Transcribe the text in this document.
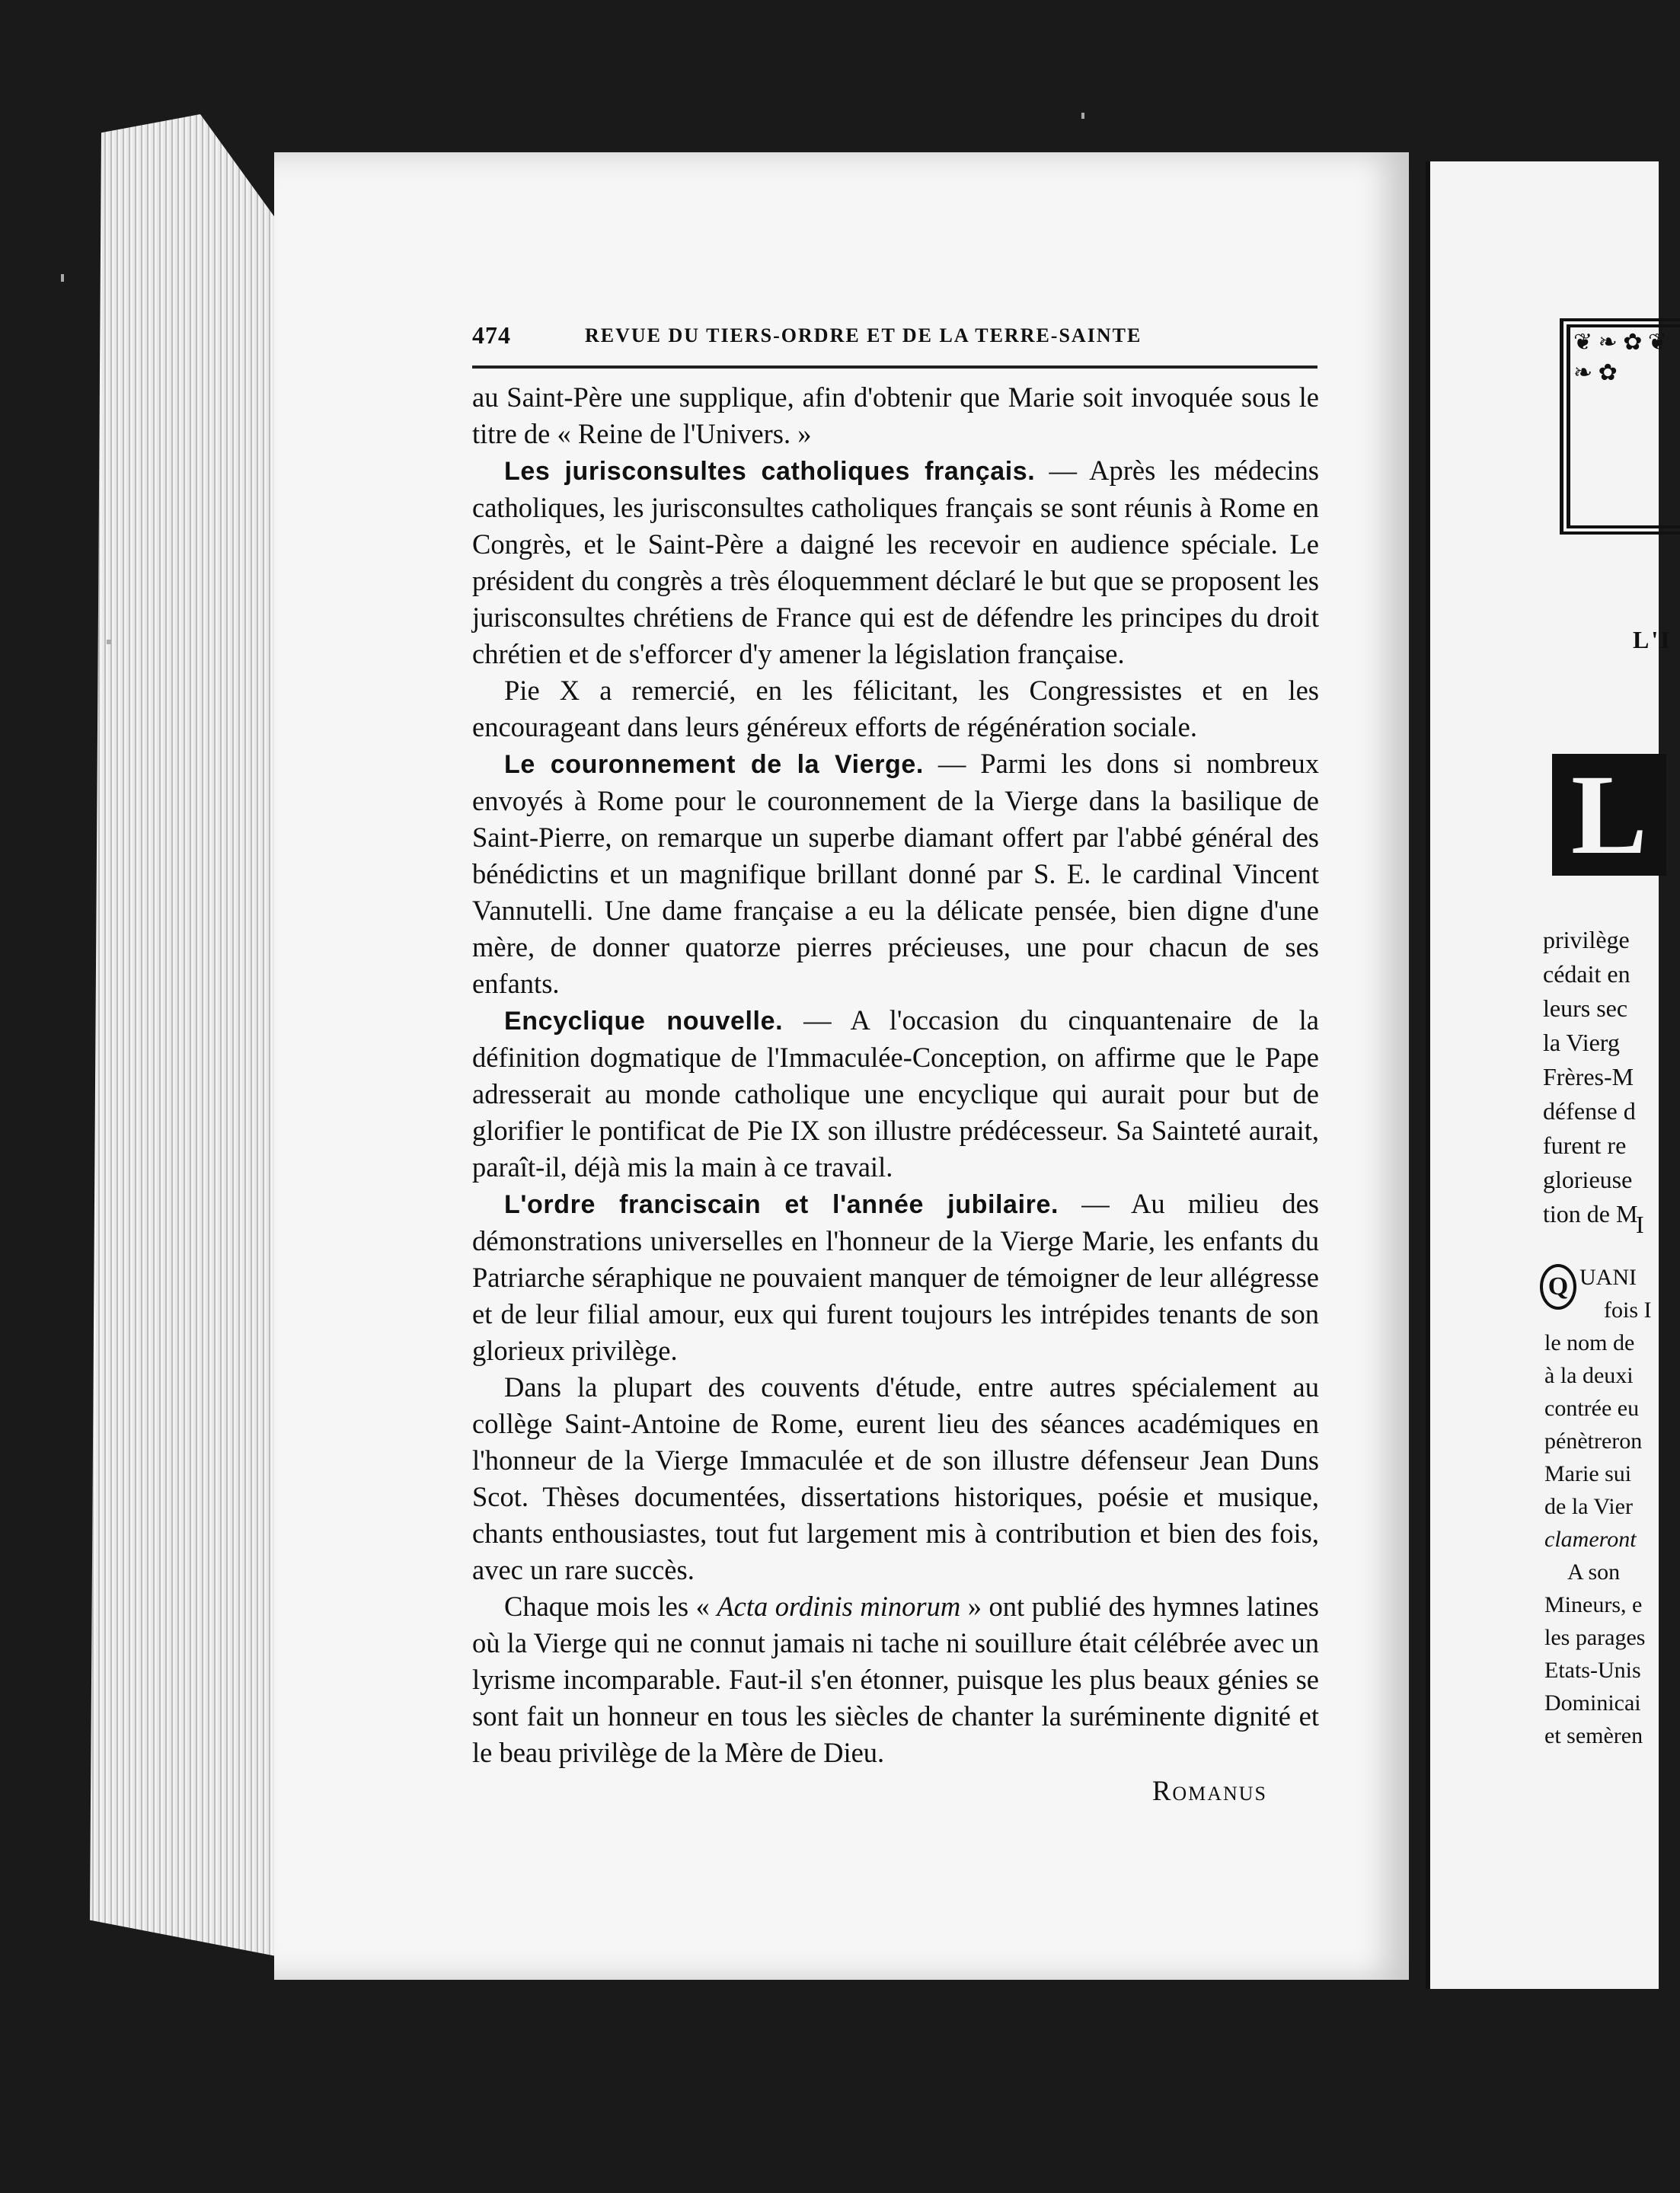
474	REVUE DU TIERS-ORDRE ET DE LA TERRE-SAINTE

au Saint-Père une supplique, afin d'obtenir que Marie soit invoquée sous le titre de « Reine de l'Univers. »

Les jurisconsultes catholiques français. — Après les médecins catholiques, les jurisconsultes catholiques français se sont réunis à Rome en Congrès, et le Saint-Père a daigné les recevoir en audience spéciale. Le président du congrès a très éloquemment déclaré le but que se proposent les jurisconsultes chrétiens de France qui est de défendre les principes du droit chrétien et de s'efforcer d'y amener la législation française.

Pie X a remercié, en les félicitant, les Congressistes et en les encourageant dans leurs généreux efforts de régénération sociale.

Le couronnement de la Vierge. — Parmi les dons si nombreux envoyés à Rome pour le couronnement de la Vierge dans la basilique de Saint-Pierre, on remarque un superbe diamant offert par l'abbé général des bénédictins et un magnifique brillant donné par S. E. le cardinal Vincent Vannutelli. Une dame française a eu la délicate pensée, bien digne d'une mère, de donner quatorze pierres précieuses, une pour chacun de ses enfants.

Encyclique nouvelle. — A l'occasion du cinquantenaire de la définition dogmatique de l'Immaculée-Conception, on affirme que le Pape adresserait au monde catholique une encyclique qui aurait pour but de glorifier le pontificat de Pie IX son illustre prédécesseur. Sa Sainteté aurait, paraît-il, déjà mis la main à ce travail.

L'ordre franciscain et l'année jubilaire. — Au milieu des démonstrations universelles en l'honneur de la Vierge Marie, les enfants du Patriarche séraphique ne pouvaient manquer de témoigner de leur allégresse et de leur filial amour, eux qui furent toujours les intrépides tenants de son glorieux privilège.

Dans la plupart des couvents d'étude, entre autres spécialement au collège Saint-Antoine de Rome, eurent lieu des séances académiques en l'honneur de la Vierge Immaculée et de son illustre défenseur Jean Duns Scot. Thèses documentées, dissertations historiques, poésie et musique, chants enthousiastes, tout fut largement mis à contribution et bien des fois, avec un rare succès.

Chaque mois les « Acta ordinis minorum » ont publié des hymnes latines où la Vierge qui ne connut jamais ni tache ni souillure était célébrée avec un lyrisme incomparable. Faut-il s'en étonner, puisque les plus beaux génies se sont fait un honneur en tous les siècles de chanter la suréminente dignité et le beau privilège de la Mère de Dieu.

Romanus
❦ ❧ ✿ ❦ ❧ ✿
L'I
L
privilège
cédait en
leurs sec
la Vierg
Frères-M
défense d
furent re
glorieuse
tion de M
I
Q UANI
fois I
le nom de
à la deuxi
contrée eu
pénètreron
Marie sui
de la Vier
clameront
A son
Mineurs, e
les parages
Etats-Unis
Dominicai
et semèren
